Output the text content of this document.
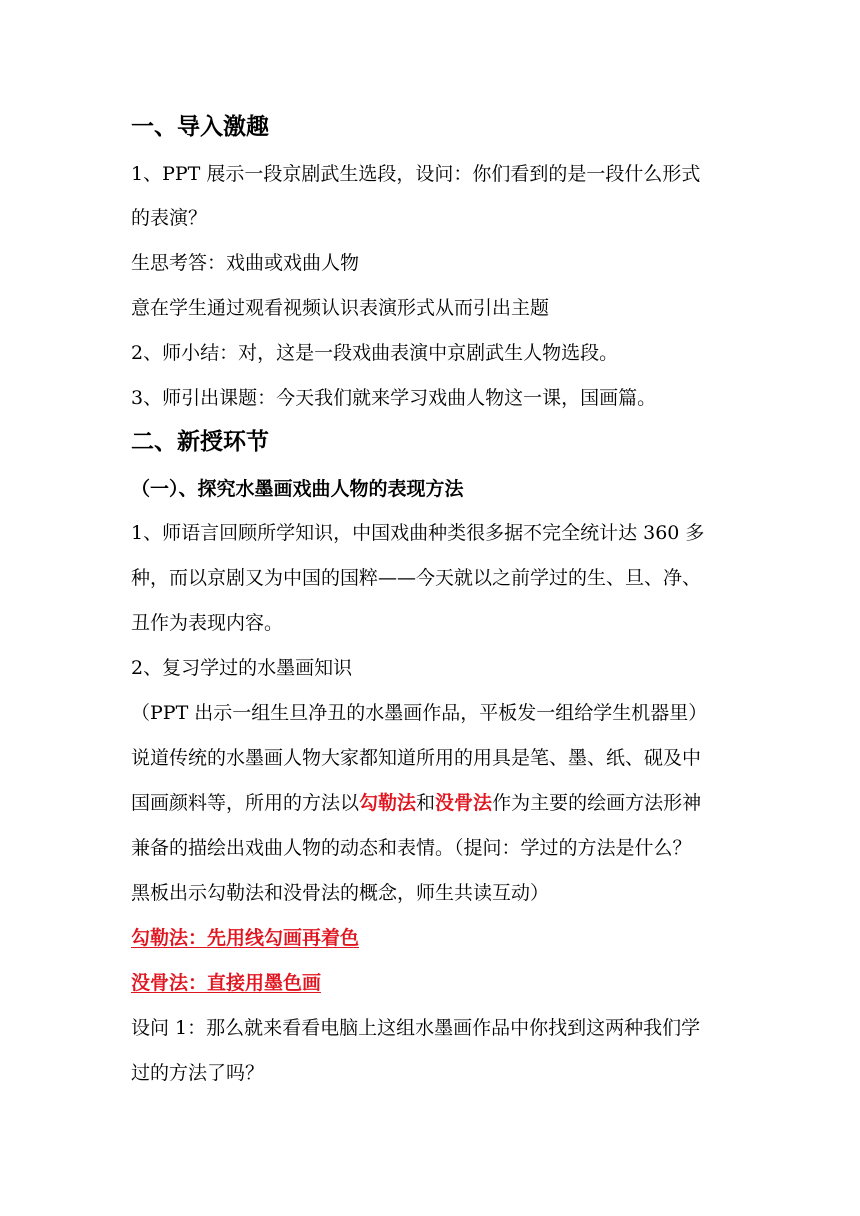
一、导入激趣
1、PPT 展示一段京剧武生选段，设问：你们看到的是一段什么形式
的表演？
生思考答：戏曲或戏曲人物
意在学生通过观看视频认识表演形式从而引出主题
2、师小结：对，这是一段戏曲表演中京剧武生人物选段。
3、师引出课题：今天我们就来学习戏曲人物这一课，国画篇。
二、新授环节
（一）、探究水墨画戏曲人物的表现方法
1、师语言回顾所学知识，中国戏曲种类很多据不完全统计达 360 多
种，而以京剧又为中国的国粹——今天就以之前学过的生、旦、净、
丑作为表现内容。
2、复习学过的水墨画知识
（PPT 出示一组生旦净丑的水墨画作品，平板发一组给学生机器里）
说道传统的水墨画人物大家都知道所用的用具是笔、墨、纸、砚及中
国画颜料等，所用的方法以勾勒法和没骨法作为主要的绘画方法形神
兼备的描绘出戏曲人物的动态和表情。（提问：学过的方法是什么？
黑板出示勾勒法和没骨法的概念，师生共读互动）
勾勒法：先用线勾画再着色
没骨法：直接用墨色画
设问 1：那么就来看看电脑上这组水墨画作品中你找到这两种我们学
过的方法了吗？
